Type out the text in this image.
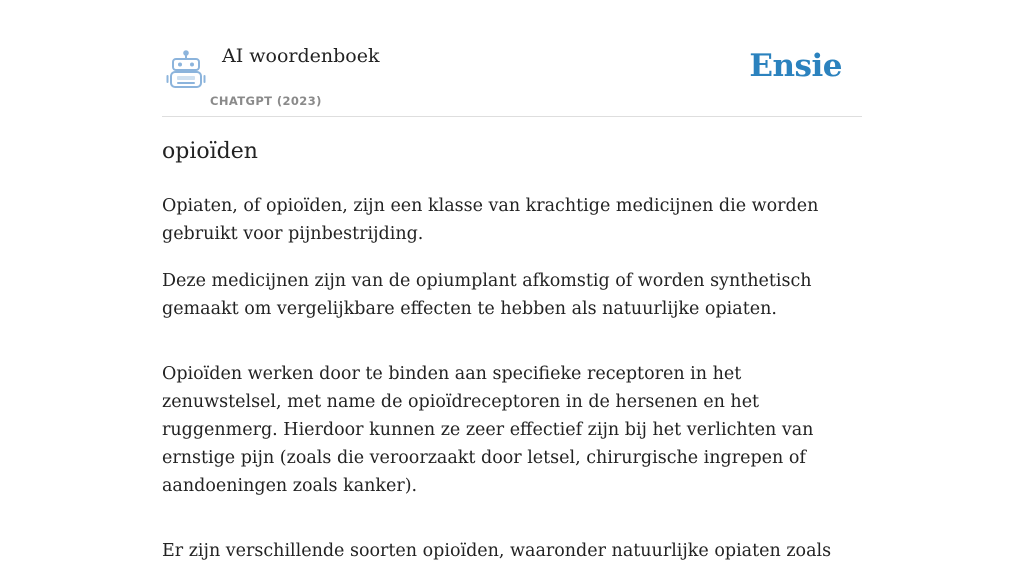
AI woordenboek
CHATGPT (2023)
Ensie
opioïden

Opiaten, of opioïden, zijn een klasse van krachtige medicijnen die worden gebruikt voor pijnbestrijding.

Deze medicijnen zijn van de opiumplant afkomstig of worden synthetisch gemaakt om vergelijkbare effecten te hebben als natuurlijke opiaten.

Opioïden werken door te binden aan specifieke receptoren in het zenuwstelsel, met name de opioïdreceptoren in de hersenen en het ruggenmerg. Hierdoor kunnen ze zeer effectief zijn bij het verlichten van ernstige pijn (zoals die veroorzaakt door letsel, chirurgische ingrepen of aandoeningen zoals kanker).

Er zijn verschillende soorten opioïden, waaronder natuurlijke opiaten zoals
